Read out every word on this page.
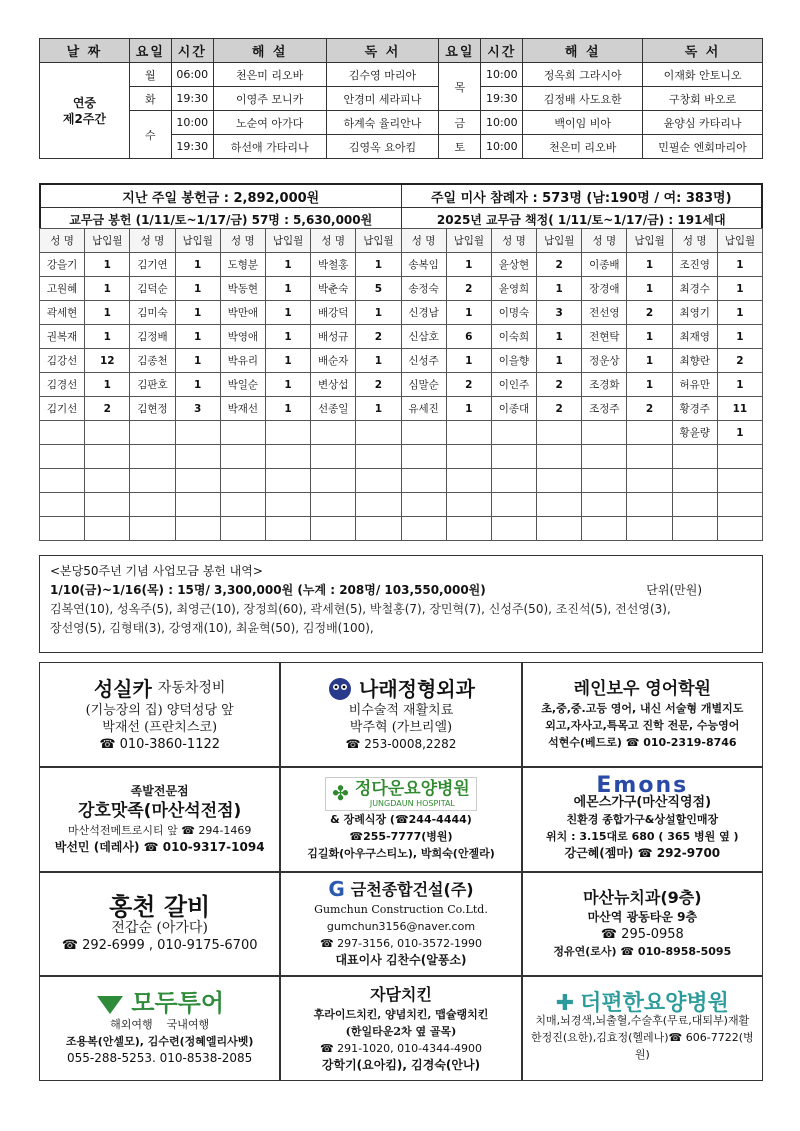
날 짜	요일	시간	해 설	독 서	요일	시간	해 설	독 서
연중
제2주간	월	06:00	천은미 리오바	김수영 마리아	목	10:00	정옥희 그라시아	이재화 안토니오
	화	19:30	이영주 모니카	안경미 세라피나		19:30	김정배 사도요한	구창회 바오로
	수	10:00	노순여 아가다	하계숙 율리안나	금	10:00	백이임 비아	윤양심 카타리나
		19:30	하선애 가타리나	김영옥 요아킴	토	10:00	천은미 리오바	민필순 엔회마리아
지난 주일 봉헌금 : 2,892,000원	주일 미사 참례자 : 573명 (남:190명 / 여: 383명)
교무금 봉헌 (1/11/토~1/17/금) 57명 : 5,630,000원	2025년 교무금 책정( 1/11/토~1/17/금) : 191세대
성 명	납입월	성 명	납입월	성 명	납입월	성 명	납입월	성 명	납입월	성 명	납입월	성 명	납입월	성 명	납입월
강을기	1	김기연	1	도형분	1	박철홍	1	송복임	1	윤상현	2	이종배	1	조진영	1
고원혜	1	김덕순	1	박동현	1	박춘숙	5	송정숙	2	윤영희	1	장경애	1	최경수	1
곽세현	1	김미숙	1	박만애	1	배강덕	1	신경남	1	이명숙	3	전선영	2	최영기	1
권복재	1	김정배	1	박영애	1	배성규	2	신삼호	6	이숙희	1	전현탁	1	최재영	1
김강선	12	김종천	1	박유리	1	배순자	1	신성주	1	이을향	1	정운상	1	최향란	2
김경선	1	김판호	1	박일순	1	변상섭	2	심말순	2	이인주	2	조경화	1	허유만	1
김기선	2	김현정	3	박재선	1	선종일	1	유세진	1	이종대	2	조정주	2	황경주	11
														황윤량	1

<본당50주년 기념 사업모금 봉헌 내역>
1/10(금)~1/16(목) : 15명/ 3,300,000원 (누계 : 208명/ 103,550,000원)	단위(만원)
김복연(10), 성옥주(5), 최영근(10), 장정희(60), 곽세현(5), 박철홍(7), 장민혁(7), 신성주(50), 조진석(5), 전선영(3),
장선영(5), 김형태(3), 강영재(10), 최윤혁(50), 김정배(100),
성실카 자동차정비
(기능장의 집) 양덕성당 앞
박재선 (프란치스코)
☎ 010-3860-1122
나래정형외과
비수술적 재활치료
박주혁 (가브리엘)
☎ 253-0008,2282
레인보우 영어학원
초,중,중.고등 영어, 내신 서술형 개별지도
외고,자사고,특목고 진학 전문, 수능영어
석현수(베드로) ☎ 010-2319-8746
족발전문점
강호맛족(마산석전점)
마산석전메트로시티 앞 ☎ 294-1469
박선민 (데레사) ☎ 010-9317-1094
✤ 정다운요양병원
JUNGDAUN HOSPITAL
& 장례식장 (☎244-4444)
☎255-7777(병원)
김길화(아우구스티노), 박희숙(안젤라)
Emons
에몬스가구(마산직영점)
친환경 종합가구&상설할인매장
위치 : 3.15대로 680 ( 365 병원 옆 )
강근혜(젬마) ☎ 292-9700
홍천 갈비
전갑순 (아가다)
☎ 292-6999 , 010-9175-6700
G 금천종합건설(주)
Gumchun Construction Co.Ltd.
gumchun3156@naver.com
☎ 297-3156, 010-3572-1990
대표이사 김찬수(알퐁소)
마산뉴치과(9층)
마산역 광동타운 9층
☎ 295-0958
정유연(로사) ☎ 010-8958-5095
모두투어
해외여행    국내여행
조용복(안셀모), 김수련(정혜엘리사벳)
055-288-5253. 010-8538-2085
자담치킨
후라이드치킨, 양념치킨, 맵슐랭치킨
(한일타운2차 옆 골목)
☎ 291-1020, 010-4344-4900
강학기(요아킴), 김경숙(안나)
✚ 더편한요양병원
치매,뇌경색,뇌출혈,수술후(무료,대퇴부)재활
한정진(요한),김효정(헬레나)☎ 606-7722(병원)
